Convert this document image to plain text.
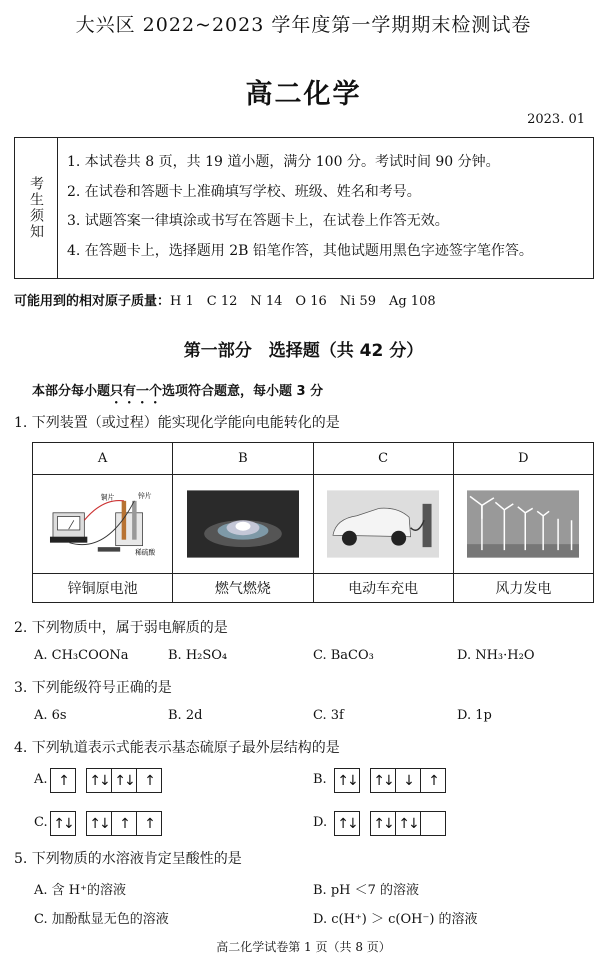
大兴区 2022~2023 学年度第一学期期末检测试卷
高二化学
2023. 01
考生须知
1. 本试卷共 8 页，共 19 道小题，满分 100 分。考试时间 90 分钟。
2. 在试卷和答题卡上准确填写学校、班级、姓名和考号。
3. 试题答案一律填涂或书写在答题卡上，在试卷上作答无效。
4. 在答题卡上，选择题用 2B 铅笔作答，其他试题用黑色字迹签字笔作答。
可能用到的相对原子质量：H 1　C 12　N 14　O 16　Ni 59　Ag 108
第一部分　选择题（共 42 分）
本部分每小题只有一个选项符合题意，每小题 3 分
1. 下列装置（或过程）能实现化学能向电能转化的是
A	B	C	D

铜片 锌片
稀硫酸

锌铜原电池	燃气燃烧	电动车充电	风力发电
2. 下列物质中，属于弱电解质的是
A. CH₃COONa	B. H₂SO₄	C. BaCO₃	D. NH₃·H₂O
3. 下列能级符号正确的是
A. 6s	B. 2d	C. 3f	D. 1p
4. 下列轨道表示式能表示基态硫原子最外层结构的是
A. ↑	↑↓ ↑↓ ↑	B. ↑↓ ↑↓ ↓	↑
C. ↑↓ ↑↓ ↑	↑	D. ↑↓ ↑↓ ↑↓
5. 下列物质的水溶液肯定呈酸性的是
A. 含 H⁺的溶液	B. pH ＜7 的溶液
C. 加酚酞显无色的溶液	D. c(H⁺) ＞ c(OH⁻) 的溶液
高二化学试卷第 1 页（共 8 页）
